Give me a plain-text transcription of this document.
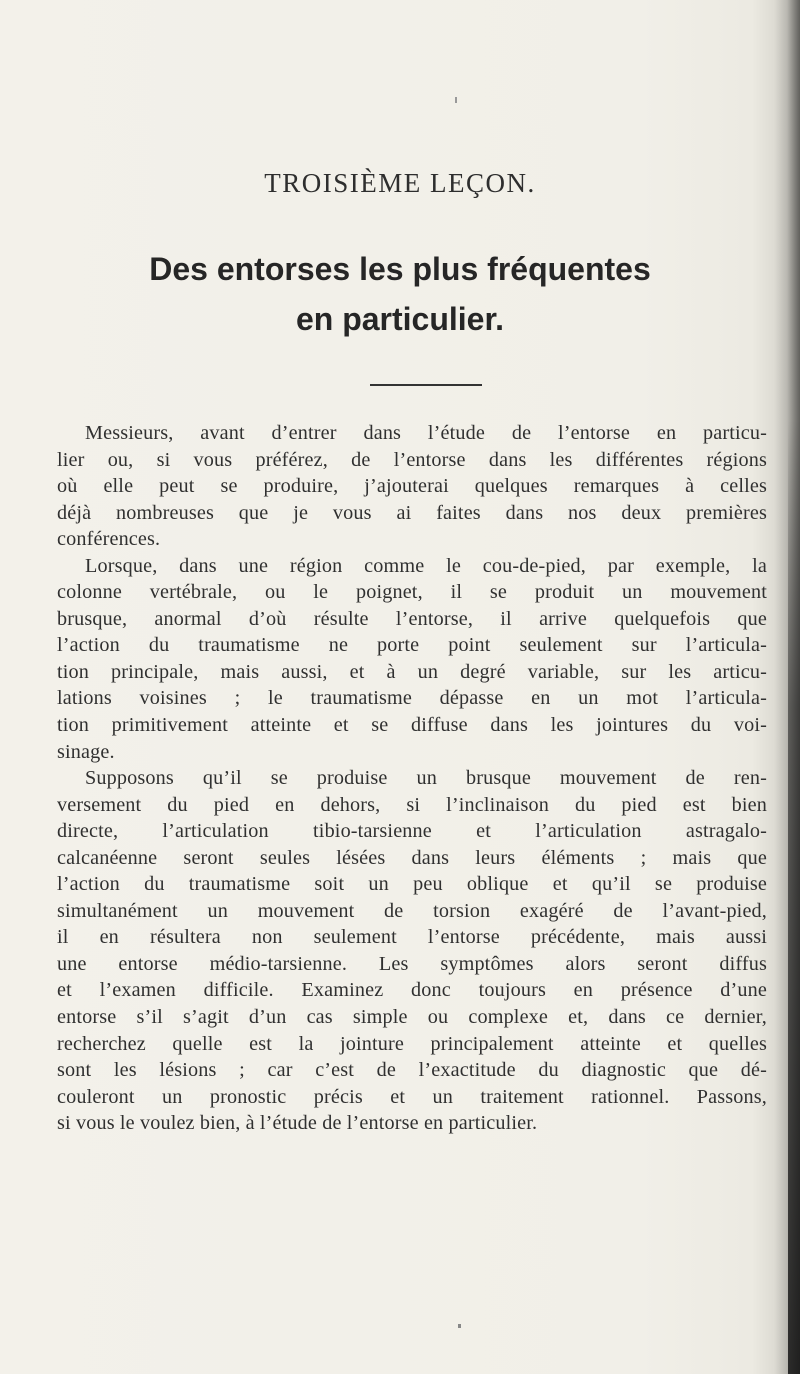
TROISIÈME LEÇON.
Des entorses les plus fréquentes
en particulier.
Messieurs, avant d’entrer dans l’étude de l’entorse en particu-
lier ou, si vous préférez, de l’entorse dans les différentes régions
où elle peut se produire, j’ajouterai quelques remarques à celles
déjà nombreuses que je vous ai faites dans nos deux premières
conférences.
Lorsque, dans une région comme le cou-de-pied, par exemple, la
colonne vertébrale, ou le poignet, il se produit un mouvement
brusque, anormal d’où résulte l’entorse, il arrive quelquefois que
l’action du traumatisme ne porte point seulement sur l’articula-
tion principale, mais aussi, et à un degré variable, sur les articu-
lations voisines ; le traumatisme dépasse en un mot l’articula-
tion primitivement atteinte et se diffuse dans les jointures du voi-
sinage.
Supposons qu’il se produise un brusque mouvement de ren-
versement du pied en dehors, si l’inclinaison du pied est bien
directe, l’articulation tibio-tarsienne et l’articulation astragalo-
calcanéenne seront seules lésées dans leurs éléments ; mais que
l’action du traumatisme soit un peu oblique et qu’il se produise
simultanément un mouvement de torsion exagéré de l’avant-pied,
il en résultera non seulement l’entorse précédente, mais aussi
une entorse médio-tarsienne. Les symptômes alors seront diffus
et l’examen difficile. Examinez donc toujours en présence d’une
entorse s’il s’agit d’un cas simple ou complexe et, dans ce dernier,
recherchez quelle est la jointure principalement atteinte et quelles
sont les lésions ; car c’est de l’exactitude du diagnostic que dé-
couleront un pronostic précis et un traitement rationnel. Passons,
si vous le voulez bien, à l’étude de l’entorse en particulier.
